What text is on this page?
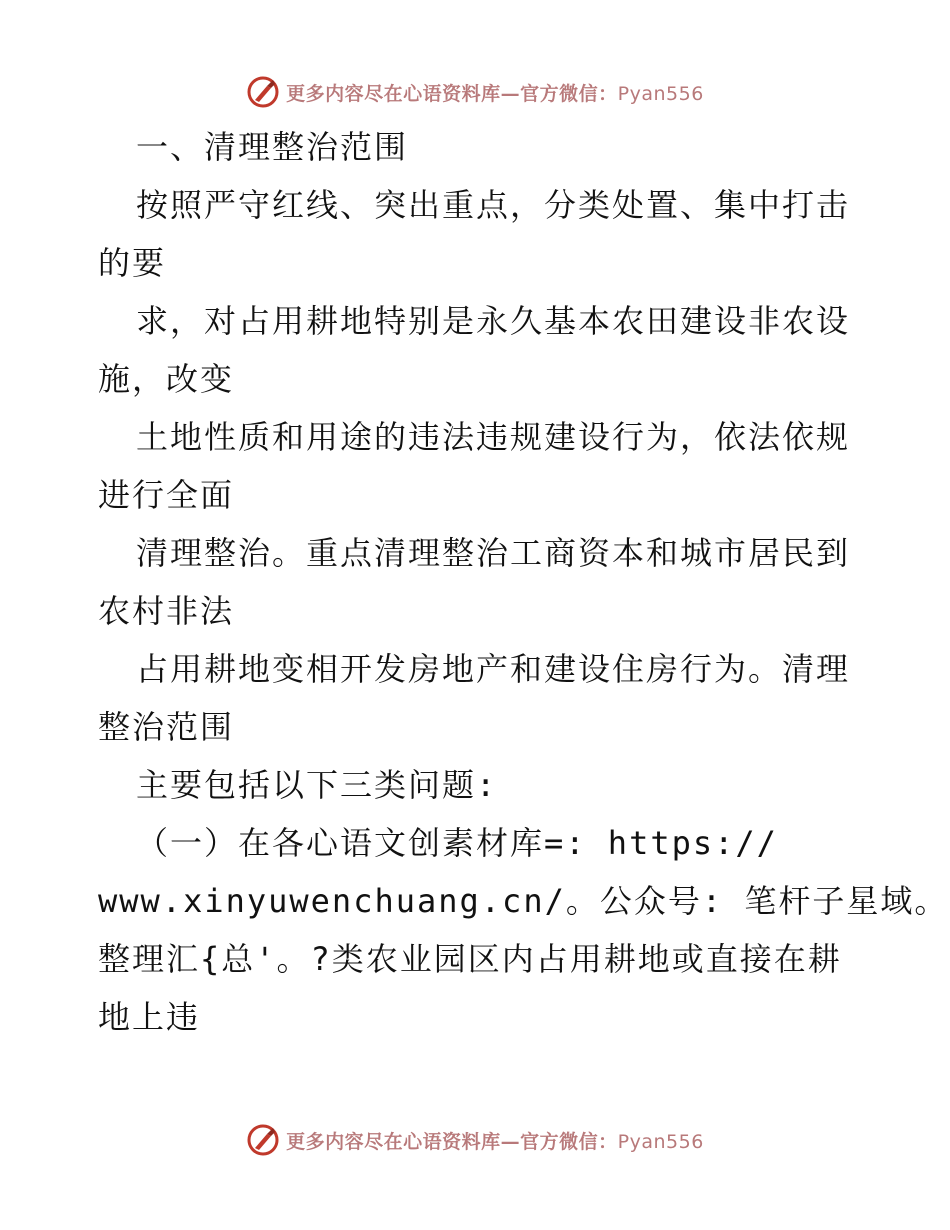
更多内容尽在心语资料库—官方微信：Pyan556
一、清理整治范围
按照严守红线、突出重点，分类处置、集中打击
的要
求，对占用耕地特别是永久基本农田建设非农设
施，改变
土地性质和用途的违法违规建设行为，依法依规
进行全面
清理整治。重点清理整治工商资本和城市居民到
农村非法
占用耕地变相开发房地产和建设住房行为。清理
整治范围
主要包括以下三类问题:
（一）在各心语文创素材库=: https://
www.xinyuwenchuang.cn/。公众号: 笔杆子星域。
整理汇{总'。?类农业园区内占用耕地或直接在耕
地上违
更多内容尽在心语资料库—官方微信：Pyan556
